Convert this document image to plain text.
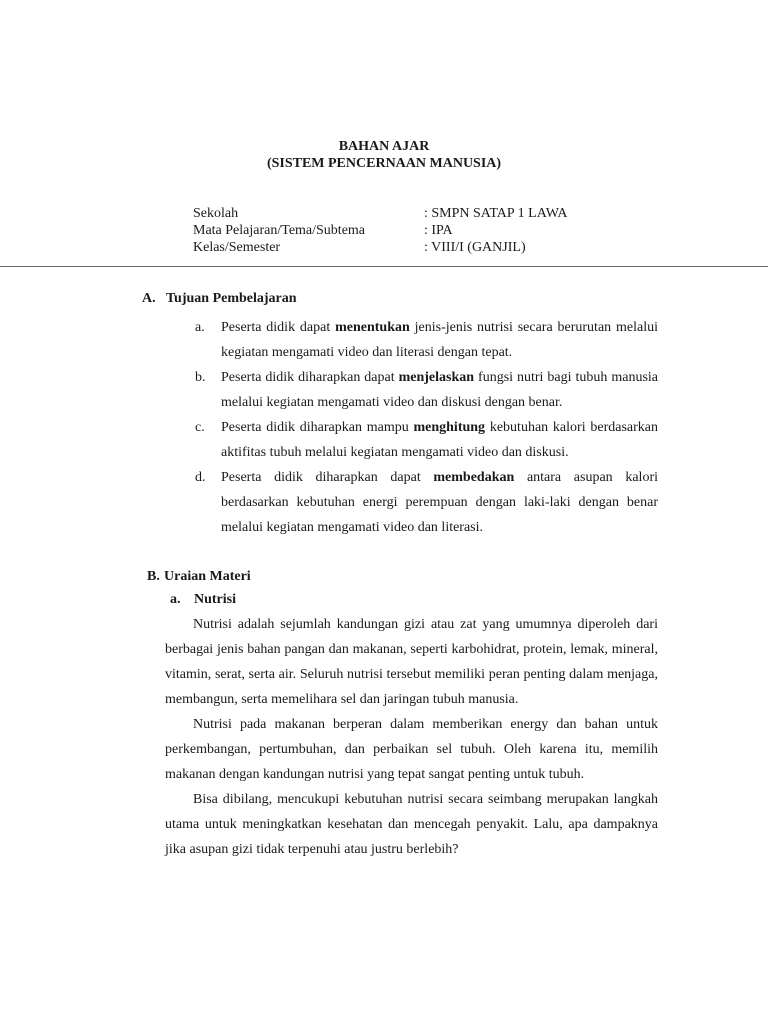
BAHAN AJAR
(SISTEM PENCERNAAN MANUSIA)
Sekolah	: SMPN SATAP 1 LAWA
Mata Pelajaran/Tema/Subtema	: IPA
Kelas/Semester	: VIII/I (GANJIL)
A. Tujuan Pembelajaran
a. Peserta didik dapat menentukan jenis-jenis nutrisi secara berurutan melalui kegiatan mengamati video dan literasi dengan tepat.
b. Peserta didik diharapkan dapat menjelaskan fungsi nutri bagi tubuh manusia melalui kegiatan mengamati video dan diskusi dengan benar.
c. Peserta didik diharapkan mampu menghitung kebutuhan kalori berdasarkan aktifitas tubuh melalui kegiatan mengamati video dan diskusi.
d. Peserta didik diharapkan dapat membedakan antara asupan kalori berdasarkan kebutuhan energi perempuan dengan laki-laki dengan benar melalui kegiatan mengamati video dan literasi.
B. Uraian Materi
a. Nutrisi

Nutrisi adalah sejumlah kandungan gizi atau zat yang umumnya diperoleh dari berbagai jenis bahan pangan dan makanan, seperti karbohidrat, protein, lemak, mineral, vitamin, serat, serta air. Seluruh nutrisi tersebut memiliki peran penting dalam menjaga, membangun, serta memelihara sel dan jaringan tubuh manusia.

Nutrisi pada makanan berperan dalam memberikan energy dan bahan untuk perkembangan, pertumbuhan, dan perbaikan sel tubuh. Oleh karena itu, memilih makanan dengan kandungan nutrisi yang tepat sangat penting untuk tubuh.

Bisa dibilang, mencukupi kebutuhan nutrisi secara seimbang merupakan langkah utama untuk meningkatkan kesehatan dan mencegah penyakit. Lalu, apa dampaknya jika asupan gizi tidak terpenuhi atau justru berlebih?
